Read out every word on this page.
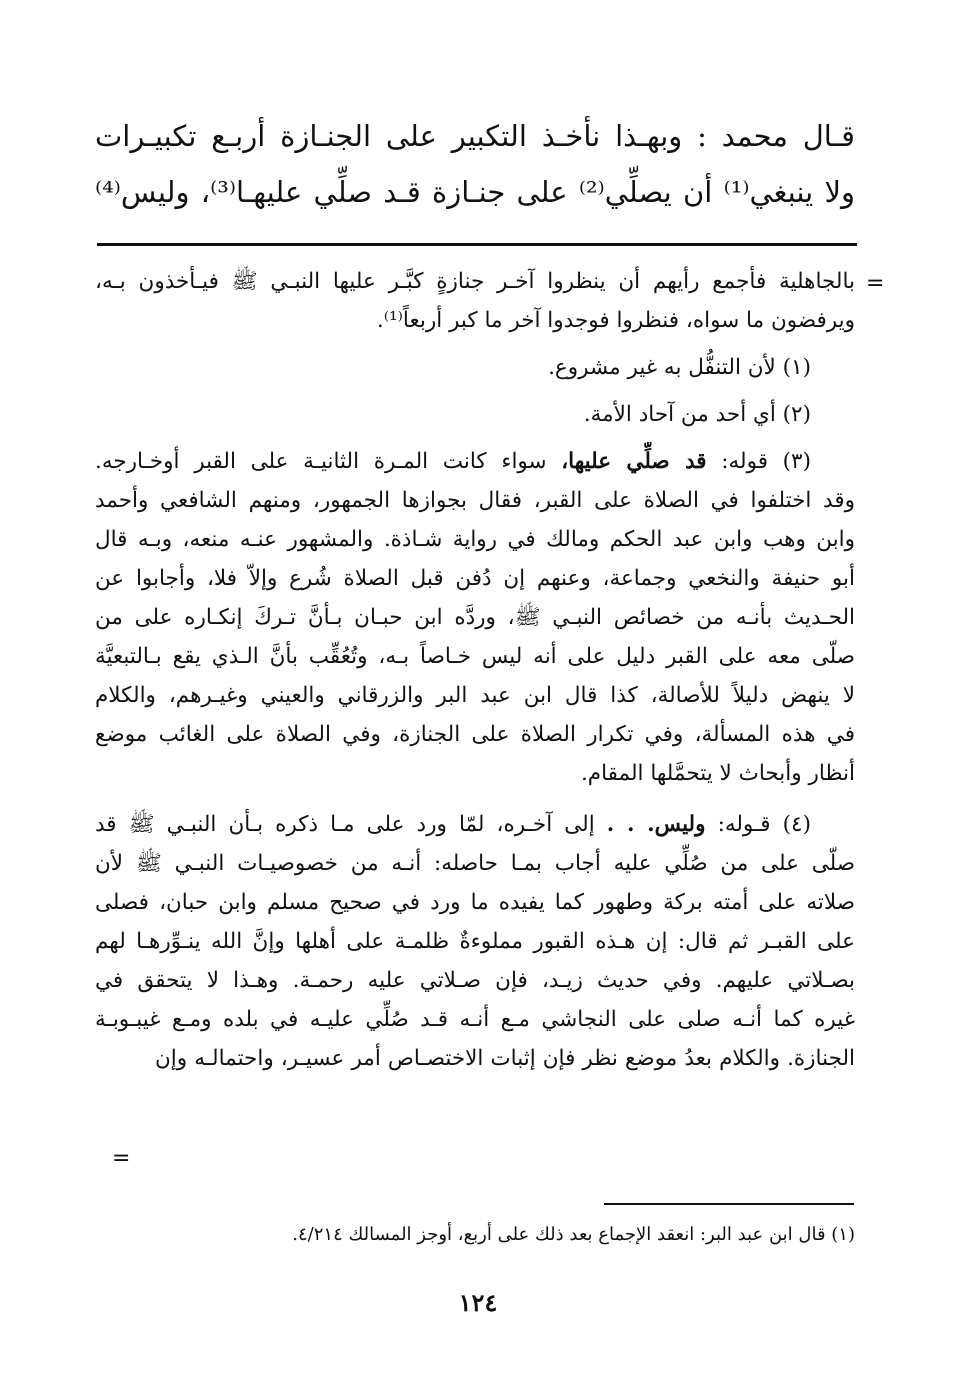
قـال محمد : وبهـذا نأخـذ التكبير على الجنـازة أربـع تكبيـرات
ولا ينبغي⁽¹⁾ أن يصلِّي⁽²⁾ على جنـازة قـد صلِّي عليهـا⁽³⁾، وليس⁽⁴⁾
=
=
بالجاهلية فأجمع رأيهم أن ينظروا آخـر جنازةٍ كبَّـر عليها النبـي ﷺ فيـأخذون بـه،
ويرفضون ما سواه، فنظروا فوجدوا آخر ما كبر أربعاً⁽¹⁾.
(١) لأن التنفُّل به غير مشروع.
(٢) أي أحد من آحاد الأمة.
(٣) قوله: قد صلِّي عليها، سواء كانت المـرة الثانيـة على القبر أوخـارجه.
وقد اختلفوا في الصلاة على القبر، فقال بجوازها الجمهور، ومنهم الشافعي وأحمد
وابن وهب وابن عبد الحكم ومالك في رواية شـاذة. والمشهور عنـه منعه، وبـه قال
أبو حنيفة والنخعي وجماعة، وعنهم إن دُفن قبل الصلاة شُرع وإلاّ فلا، وأجابوا عن
الحـديث بأنـه من خصائص النبـي ﷺ، وردَّه ابن حبـان بـأنَّ تـركَ إنكـاره على من
صلّى معه على القبر دليل على أنه ليس خـاصاً بـه، وتُعُقِّب بأنَّ الـذي يقع بـالتبعيَّة
لا ينهض دليلاً للأصالة، كذا قال ابن عبد البر والزرقاني والعيني وغيـرهم، والكلام
في هذه المسألة، وفي تكرار الصلاة على الجنازة، وفي الصلاة على الغائب موضع
أنظار وأبحاث لا يتحمَّلها المقام.
(٤) قـوله: وليس. . . إلى آخـره، لمّا ورد على مـا ذكره بـأن النبـي ﷺ قد
صلّى على من صُلِّي عليه أجاب بمـا حاصله: أنـه من خصوصيـات النبـي ﷺ لأن
صلاته على أمته بركة وطهور كما يفيده ما ورد في صحيح مسلم وابن حبان، فصلى
على القبـر ثم قال: إن هـذه القبور مملوءةٌ ظلمـة على أهلها وإنَّ الله ينـوِّرهـا لهم
بصـلاتي عليهم. وفي حديث زيـد، فإن صـلاتي عليه رحمـة. وهـذا لا يتحقق في
غيره كما أنـه صلى على النجاشي مـع أنـه قـد صُلِّي عليـه في بلده ومـع غيبـوبـة
الجنازة. والكلام بعدُ موضع نظر فإن إثبات الاختصـاص أمر عسيـر، واحتمالـه وإن
(١) قال ابن عبد البر: انعقد الإجماع بعد ذلك على أربع، أوجز المسالك ٤/٢١٤.
١٢٤
